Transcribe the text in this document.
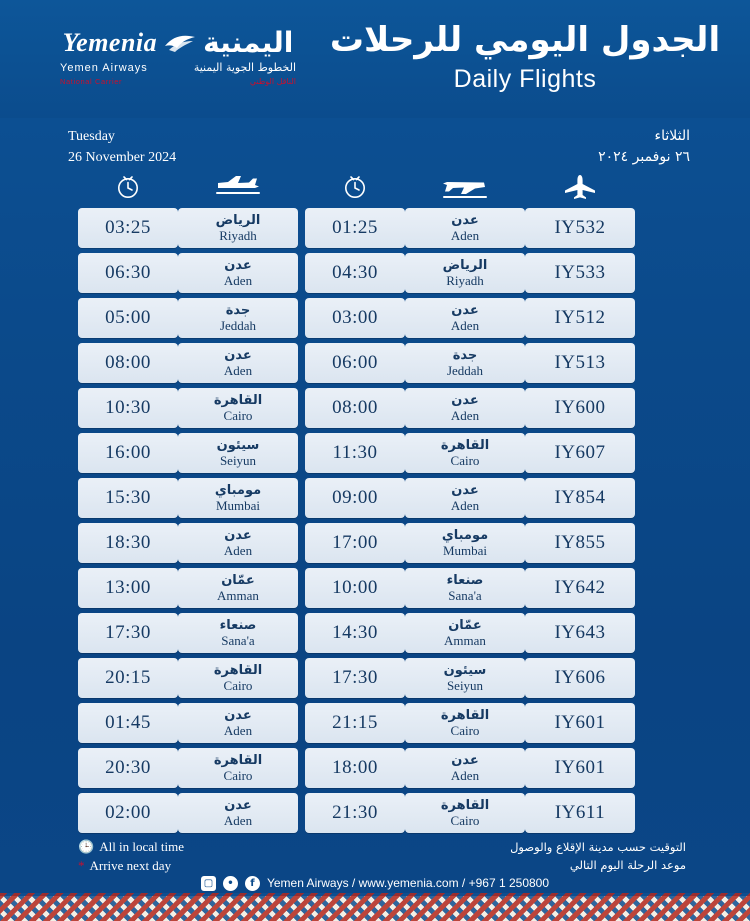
Yemenia اليمنية
Yemen Airways	الخطوط الجوية اليمنية
National Carrier	الناقل الوطني
الجدول اليومي للرحلات
Daily Flights
Tuesday
26 November 2024
الثلاثاء
٢٦ نوفمبر ٢٠٢٤
03:25	الرياض
Riyadh	01:25	عدن
Aden	IY532
06:30	عدن
Aden	04:30	الرياض
Riyadh	IY533
05:00	جدة
Jeddah	03:00	عدن
Aden	IY512
08:00	عدن
Aden	06:00	جدة
Jeddah	IY513
10:30	القاهرة
Cairo	08:00	عدن
Aden	IY600
16:00	سيئون
Seiyun	11:30	القاهرة
Cairo	IY607
15:30	مومباي
Mumbai	09:00	عدن
Aden	IY854
18:30	عدن
Aden	17:00	مومباي
Mumbai	IY855
13:00	عمّان
Amman	10:00	صنعاء
Sana'a	IY642
17:30	صنعاء
Sana'a	14:30	عمّان
Amman	IY643
20:15	القاهرة
Cairo	17:30	سيئون
Seiyun	IY606
01:45	عدن
Aden	21:15	القاهرة
Cairo	IY601
20:30	القاهرة
Cairo	18:00	عدن
Aden	IY601
02:00	عدن
Aden	21:30	القاهرة
Cairo	IY611
🕒 All in local time
* Arrive next day
التوقيت حسب مدينة الإقلاع والوصول
موعد الرحلة اليوم التالي
▢	•	f	Yemen Airways / www.yemenia.com / +967 1 250800
